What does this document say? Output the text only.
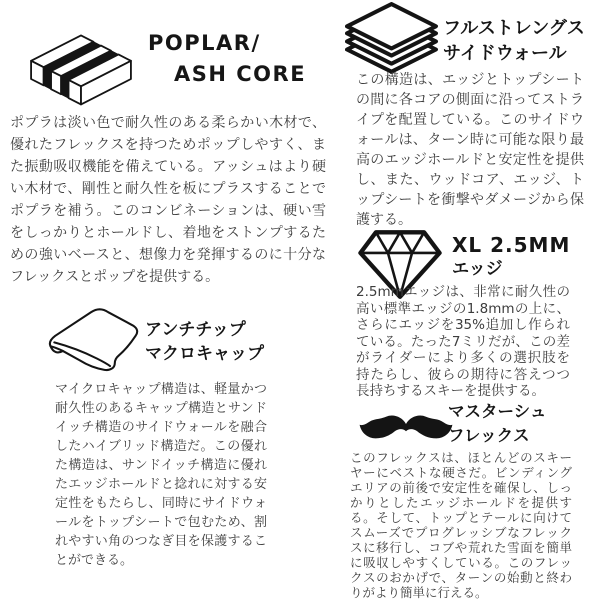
POPLAR/
ASH CORE

ポプラは淡い色で耐久性のある柔らかい木材で、優れたフレックスを持つためポップしやすく、また振動吸収機能を備えている。アッシュはより硬い木材で、剛性と耐久性を板にプラスすることでポプラを補う。このコンビネーションは、硬い雪をしっかりとホールドし、着地をストンプするための強いベースと、想像力を発揮するのに十分なフレックスとポップを提供する。

アンチチップ
マクロキャップ

マイクロキャップ構造は、軽量かつ耐久性のあるキャップ構造とサンドイッチ構造のサイドウォールを融合したハイブリッド構造だ。この優れた構造は、サンドイッチ構造に優れたエッジホールドと捻れに対する安定性をもたらし、同時にサイドウォールをトップシートで包むため、割れやすい角のつなぎ目を保護することができる。

フルストレングス
サイドウォール

この構造は、エッジとトップシートの間に各コアの側面に沿ってストライプを配置している。このサイドウォールは、ターン時に可能な限り最高のエッジホールドと安定性を提供し、また、ウッドコア、エッジ、トップシートを衝撃やダメージから保護する。

XL 2.5MM
エッジ

2.5mmエッジは、非常に耐久性の高い標準エッジの1.8mmの上に、さらにエッジを35%追加し作られている。たった7ミリだが、この差がライダーにより多くの選択肢を持たらし、彼らの期待に答えつつ長持ちするスキーを提供する。

マスターシュ
フレックス

このフレックスは、ほとんどのスキーヤーにベストな硬さだ。ビンディングエリアの前後で安定性を確保し、しっかりとしたエッジホールドを提供する。そして、トップとテールに向けてスムーズでプログレッシブなフレックスに移行し、コブや荒れた雪面を簡単に吸収しやすくしている。このフレックスのおかげで、ターンの始動と終わりがより簡単に行える。
